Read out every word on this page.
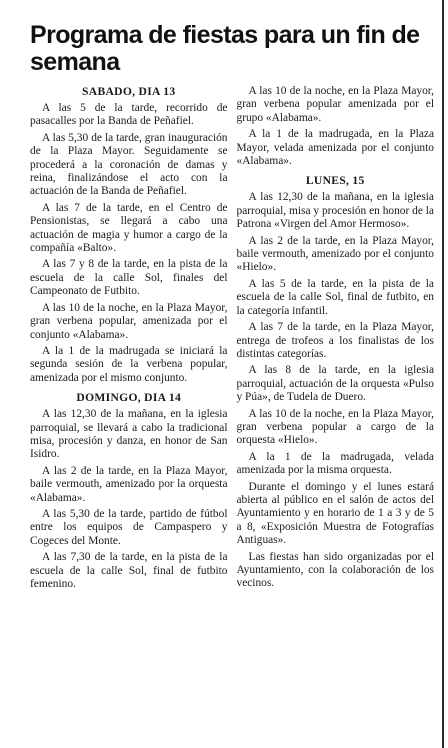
Programa de fiestas para un fin de semana
SABADO, DIA 13

A las 5 de la tarde, recorrido de pasacalles por la Banda de Peñafiel.

A las 5,30 de la tarde, gran inauguración de la Plaza Mayor. Seguidamente se procederá a la coronación de damas y reina, finalizándose el acto con la actuación de la Banda de Peñafiel.

A las 7 de la tarde, en el Centro de Pensionistas, se llegará a cabo una actuación de magia y humor a cargo de la compañía «Balto».

A las 7 y 8 de la tarde, en la pista de la escuela de la calle Sol, finales del Campeonato de Futbito.

A las 10 de la noche, en la Plaza Mayor, gran verbena popular, amenizada por el conjunto «Alabama».

A la 1 de la madrugada se iniciará la segunda sesión de la verbena popular, amenizada por el mismo conjunto.

DOMINGO, DIA 14

A las 12,30 de la mañana, en la iglesia parroquial, se llevará a cabo la tradicional misa, procesión y danza, en honor de San Isidro.

A las 2 de la tarde, en la Plaza Mayor, baile vermouth, amenizado por la orquesta «Alabama».

A las 5,30 de la tarde, partido de fútbol entre los equipos de Campaspero y Cogeces del Monte.

A las 7,30 de la tarde, en la pista de la escuela de la calle Sol, final de futbito femenino.

A las 10 de la noche, en la Plaza Mayor, gran verbena popular amenizada por el grupo «Alabama».

A la 1 de la madrugada, en la Plaza Mayor, velada amenizada por el conjunto «Alabama».

LUNES, 15

A las 12,30 de la mañana, en la iglesia parroquial, misa y procesión en honor de la Patrona «Virgen del Amor Hermoso».

A las 2 de la tarde, en la Plaza Mayor, baile vermouth, amenizado por el conjunto «Hielo».

A las 5 de la tarde, en la pista de la escuela de la calle Sol, final de futbito, en la categoría infantil.

A las 7 de la tarde, en la Plaza Mayor, entrega de trofeos a los finalistas de los distintas categorías.

A las 8 de la tarde, en la iglesia parroquial, actuación de la orquesta «Pulso y Púa», de Tudela de Duero.

A las 10 de la noche, en la Plaza Mayor, gran verbena popular a cargo de la orquesta «Hielo».

A la 1 de la madrugada, velada amenizada por la misma orquesta.

Durante el domingo y el lunes estará abierta al público en el salón de actos del Ayuntamiento y en horario de 1 a 3 y de 5 a 8, «Exposición Muestra de Fotografías Antiguas».

Las fiestas han sido organizadas por el Ayuntamiento, con la colaboración de los vecinos.
